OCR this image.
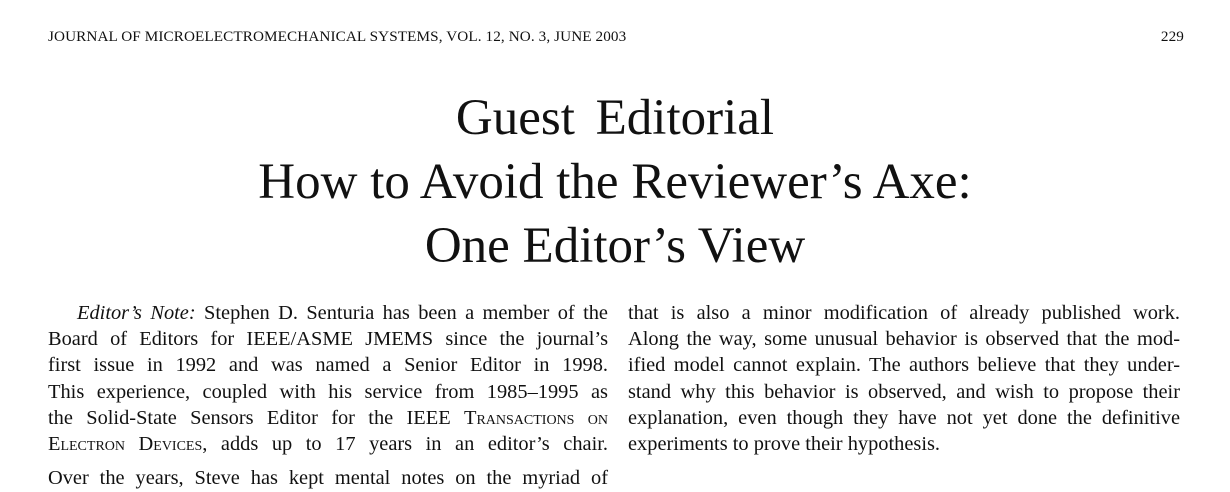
JOURNAL OF MICROELECTROMECHANICAL SYSTEMS, VOL. 12, NO. 3, JUNE 2003	229
Guest Editorial
How to Avoid the Reviewer’s Axe:
One Editor’s View

Editor’s Note: Stephen D. Senturia has been a member of the

Board of Editors for IEEE/ASME JMEMS since the journal’s
first issue in 1992 and was named a Senior Editor in 1998.
This experience, coupled with his service from 1985–1995 as
the Solid-State Sensors Editor for the IEEE Transactions on
Electron Devices, adds up to 17 years in an editor’s chair.
Over the years, Steve has kept mental notes on the myriad of
that is also a minor modification of already published work.
Along the way, some unusual behavior is observed that the mod-
ified model cannot explain. The authors believe that they under-
stand why this behavior is observed, and wish to propose their
explanation, even though they have not yet done the definitive
experiments to prove their hypothesis.
